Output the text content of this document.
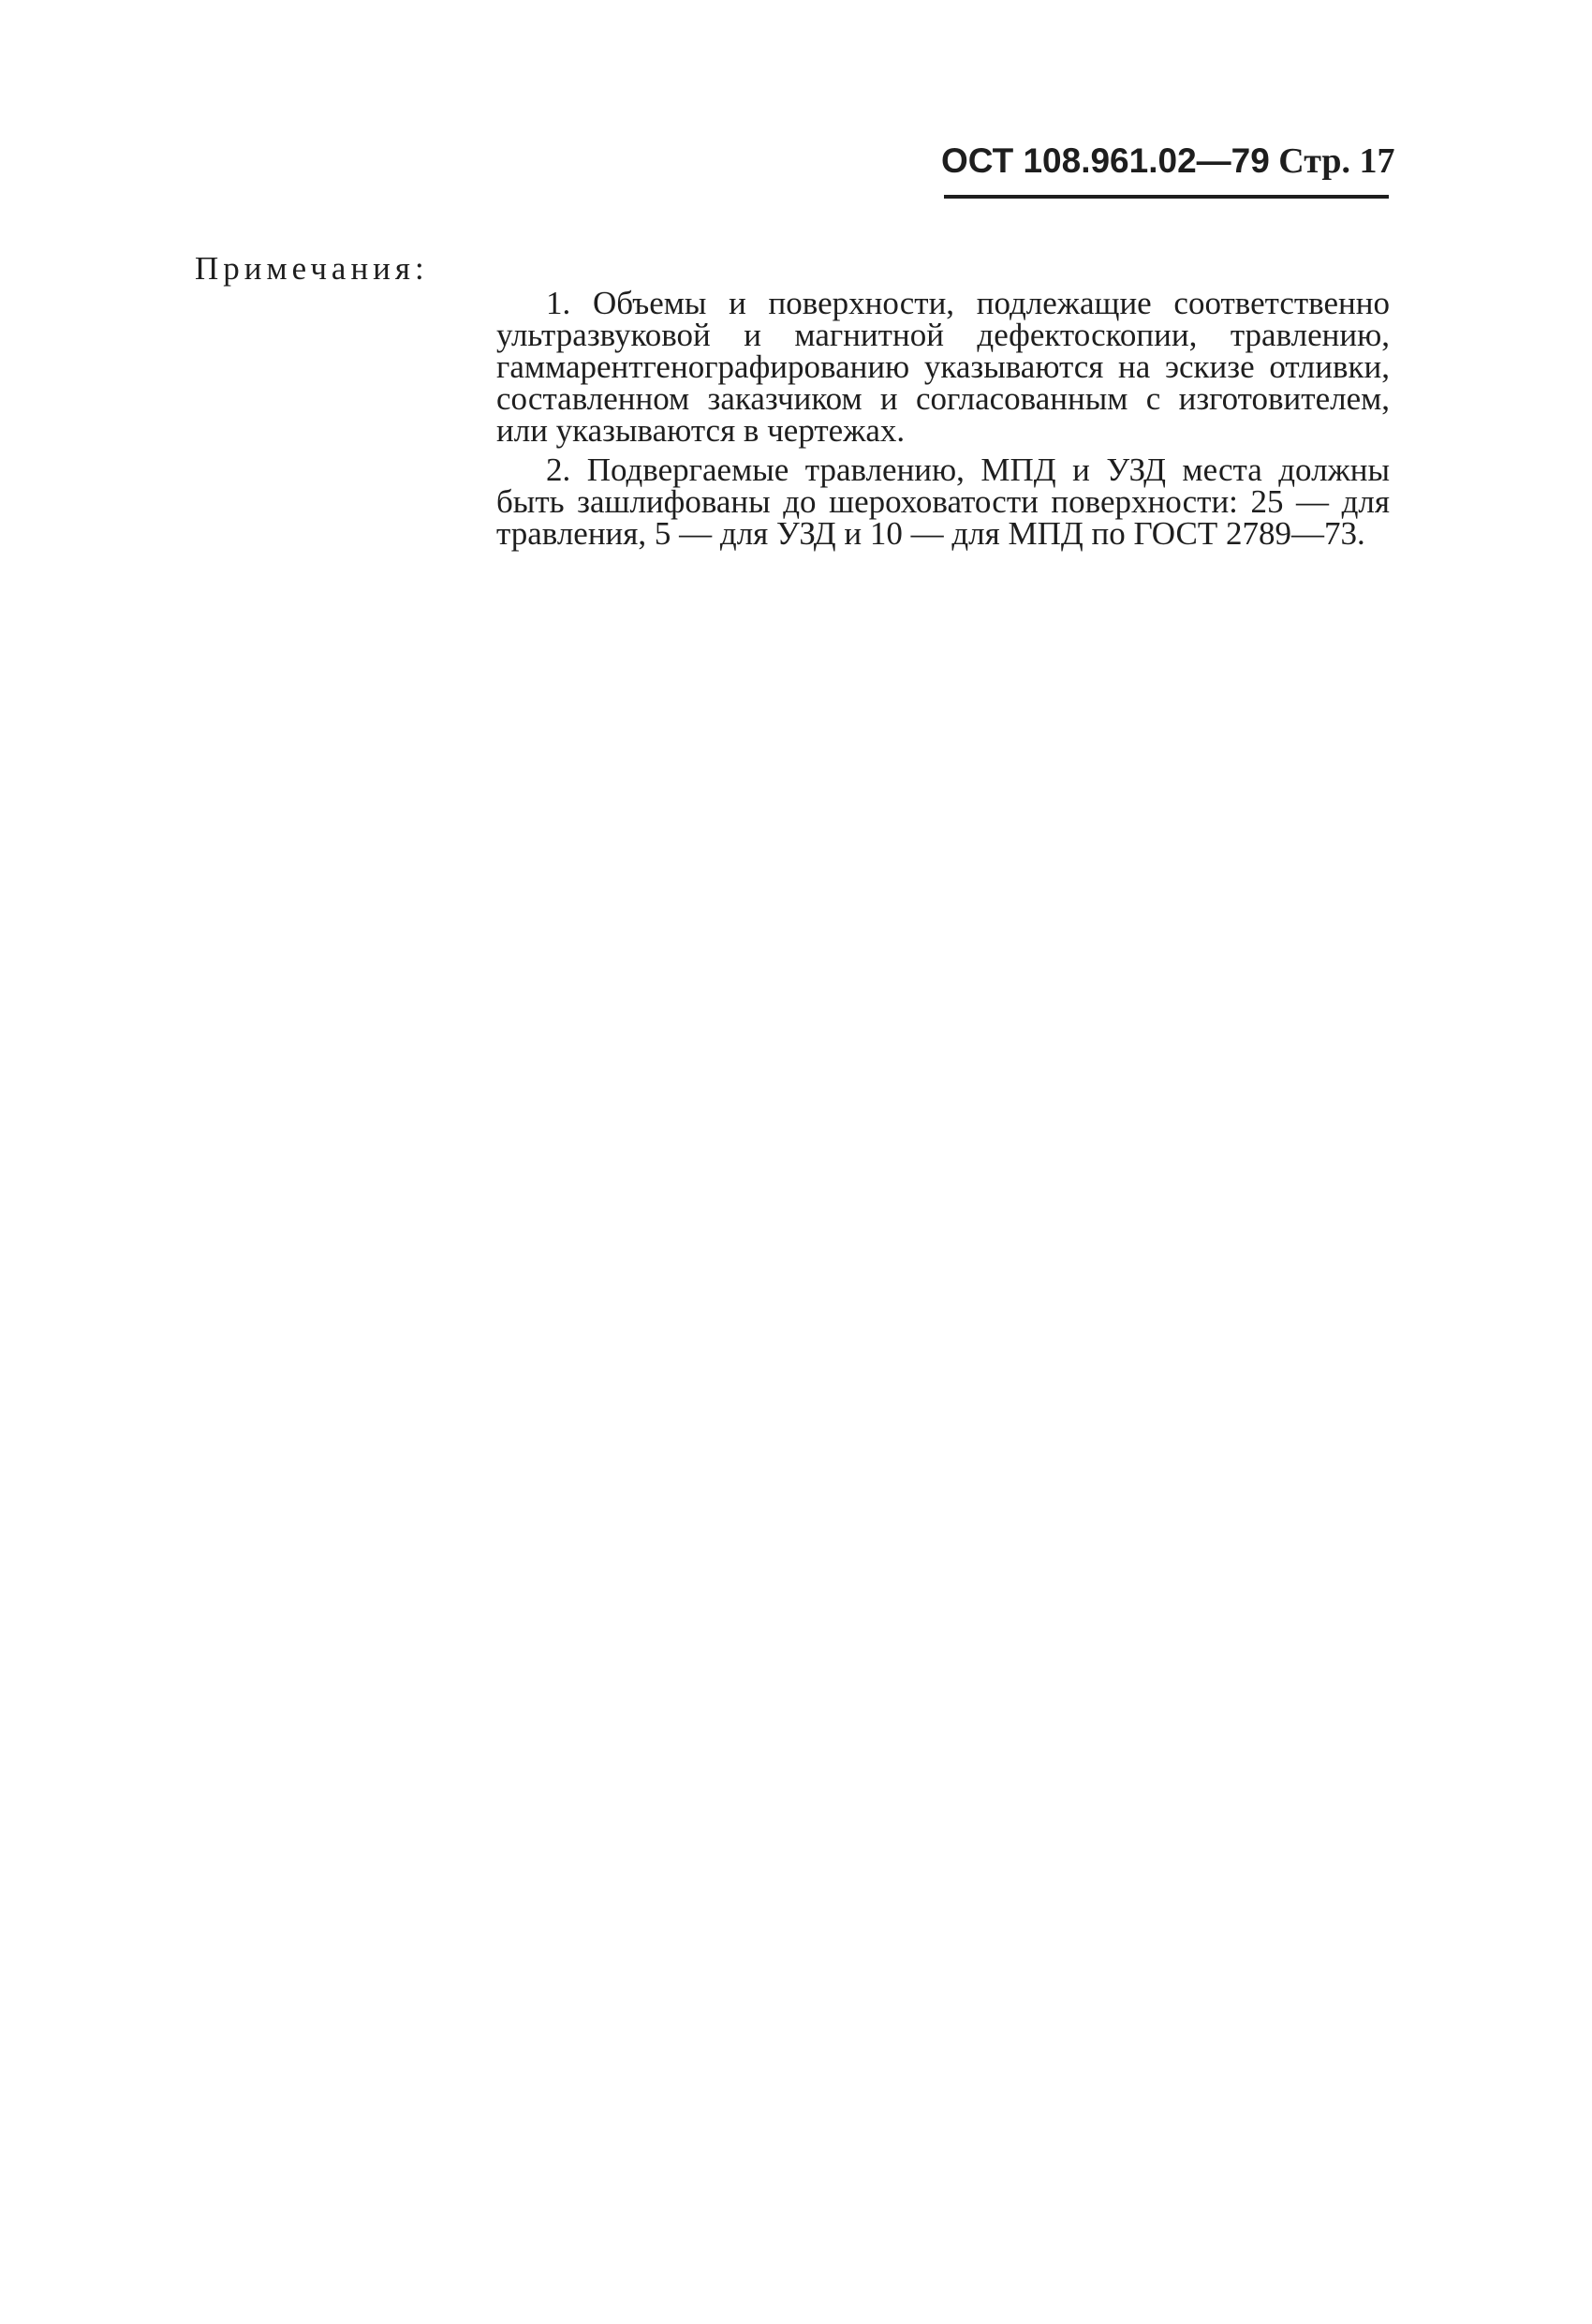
ОСТ 108.961.02—79 Стр. 17
Примечания:

1. Объемы и поверхности, подлежащие соответственно ультразвуковой и магнитной дефектоскопии, травлению, гаммарентгенографированию указываются на эскизе отливки, составленном заказчиком и согласованным с изготовителем, или указываются в чертежах.

2. Подвергаемые травлению, МПД и УЗД места должны быть зашлифованы до шероховатости поверхности: 25 — для травления, 5 — для УЗД и 10 — для МПД по ГОСТ 2789—73.
